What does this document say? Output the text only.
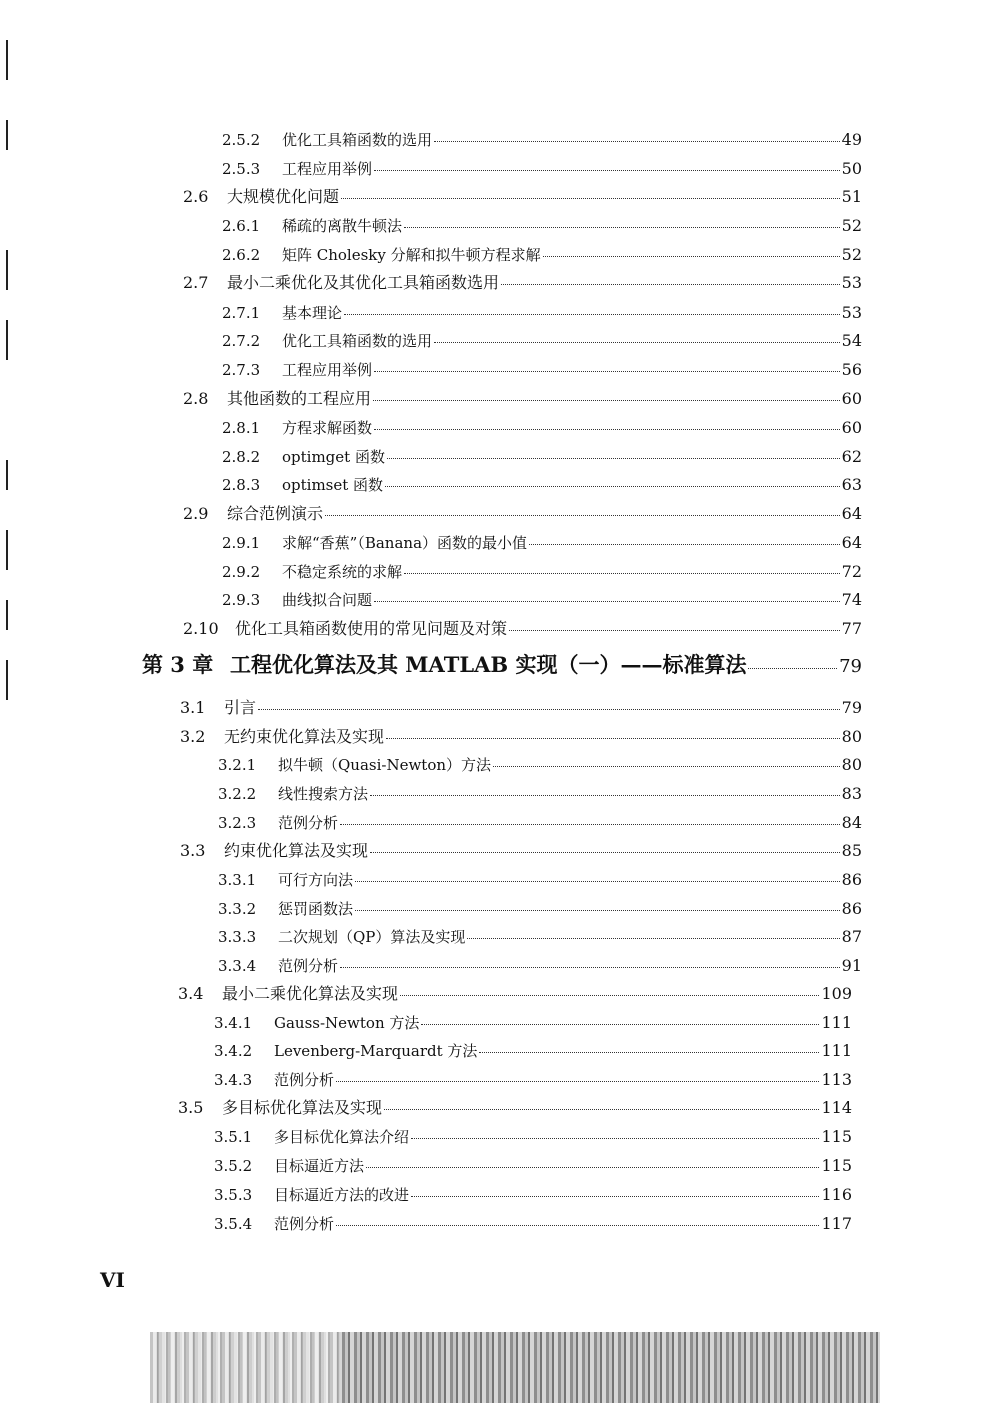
2.5.2	优化工具箱函数的选用	49
2.5.3	工程应用举例	50
2.6	大规模优化问题	51
2.6.1	稀疏的离散牛顿法	52
2.6.2	矩阵 Cholesky 分解和拟牛顿方程求解	52
2.7	最小二乘优化及其优化工具箱函数选用	53
2.7.1	基本理论	53
2.7.2	优化工具箱函数的选用	54
2.7.3	工程应用举例	56
2.8	其他函数的工程应用	60
2.8.1	方程求解函数	60
2.8.2	optimget 函数	62
2.8.3	optimset 函数	63
2.9	综合范例演示	64
2.9.1	求解“香蕉”（Banana）函数的最小值	64
2.9.2	不稳定系统的求解	72
2.9.3	曲线拟合问题	74
2.10	优化工具箱函数使用的常见问题及对策	77
第 3 章 工程优化算法及其 MATLAB 实现（一）——标准算法	79
3.1	引言	79
3.2	无约束优化算法及实现	80
3.2.1	拟牛顿（Quasi-Newton）方法	80
3.2.2	线性搜索方法	83
3.2.3	范例分析	84
3.3	约束优化算法及实现	85
3.3.1	可行方向法	86
3.3.2	惩罚函数法	86
3.3.3	二次规划（QP）算法及实现	87
3.3.4	范例分析	91
3.4	最小二乘优化算法及实现	109
3.4.1	Gauss-Newton 方法	111
3.4.2	Levenberg-Marquardt 方法	111
3.4.3	范例分析	113
3.5	多目标优化算法及实现	114
3.5.1	多目标优化算法介绍	115
3.5.2	目标逼近方法	115
3.5.3	目标逼近方法的改进	116
3.5.4	范例分析	117
VI
